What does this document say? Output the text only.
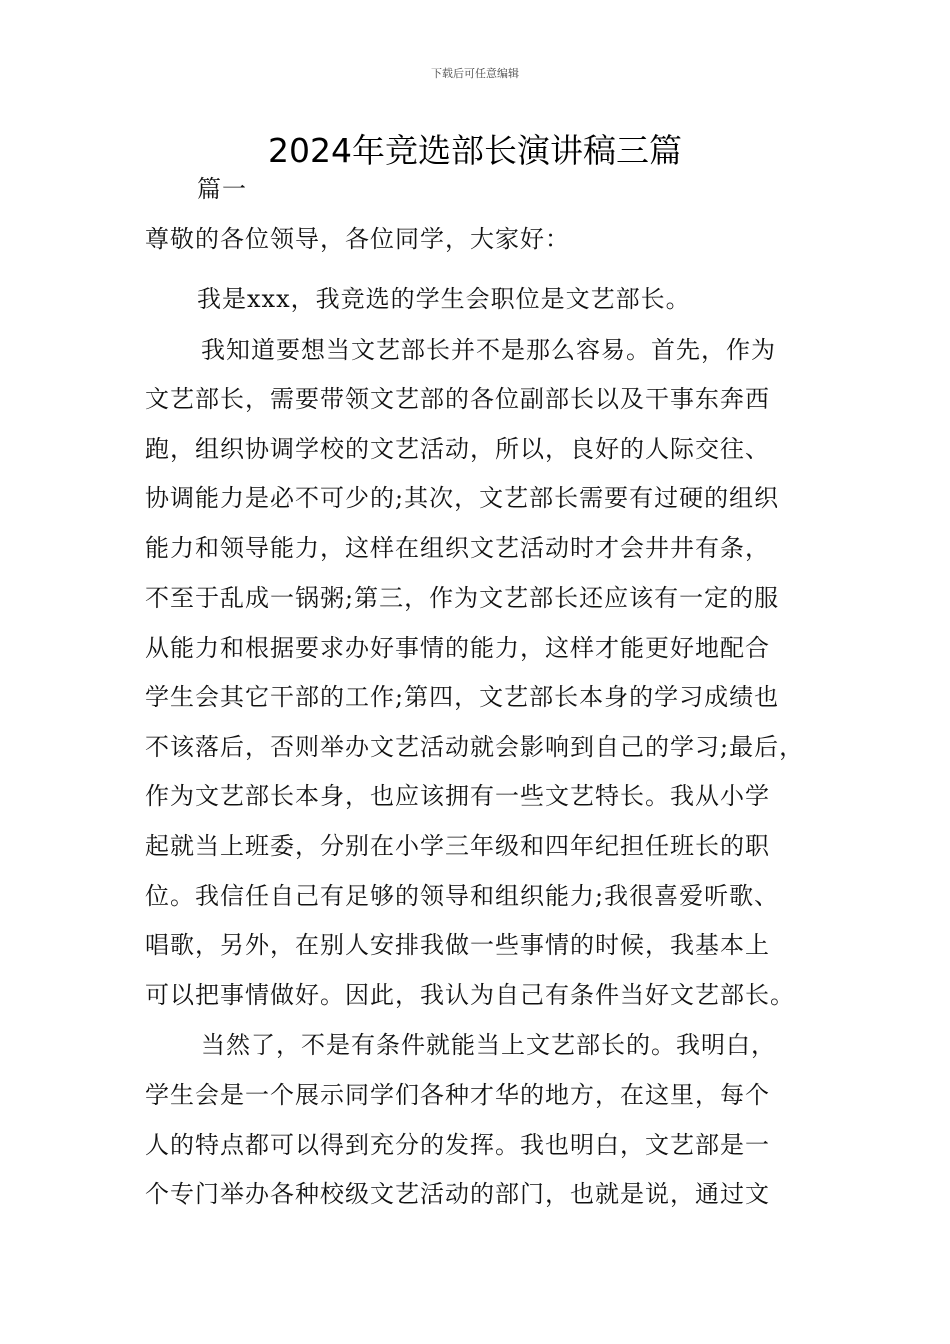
下载后可任意编辑
2024年竞选部长演讲稿三篇
篇一
尊敬的各位领导，各位同学，大家好：
我是xxx，我竞选的学生会职位是文艺部长。
我知道要想当文艺部长并不是那么容易。首先，作为
文艺部长，需要带领文艺部的各位副部长以及干事东奔西
跑，组织协调学校的文艺活动，所以，良好的人际交往、
协调能力是必不可少的;其次，文艺部长需要有过硬的组织
能力和领导能力，这样在组织文艺活动时才会井井有条，
不至于乱成一锅粥;第三，作为文艺部长还应该有一定的服
从能力和根据要求办好事情的能力，这样才能更好地配合
学生会其它干部的工作;第四，文艺部长本身的学习成绩也
不该落后，否则举办文艺活动就会影响到自己的学习;最后，
作为文艺部长本身，也应该拥有一些文艺特长。我从小学
起就当上班委，分别在小学三年级和四年纪担任班长的职
位。我信任自己有足够的领导和组织能力;我很喜爱听歌、
唱歌，另外，在别人安排我做一些事情的时候，我基本上
可以把事情做好。因此，我认为自己有条件当好文艺部长。
当然了，不是有条件就能当上文艺部长的。我明白，
学生会是一个展示同学们各种才华的地方，在这里，每个
人的特点都可以得到充分的发挥。我也明白，文艺部是一
个专门举办各种校级文艺活动的部门，也就是说，通过文
